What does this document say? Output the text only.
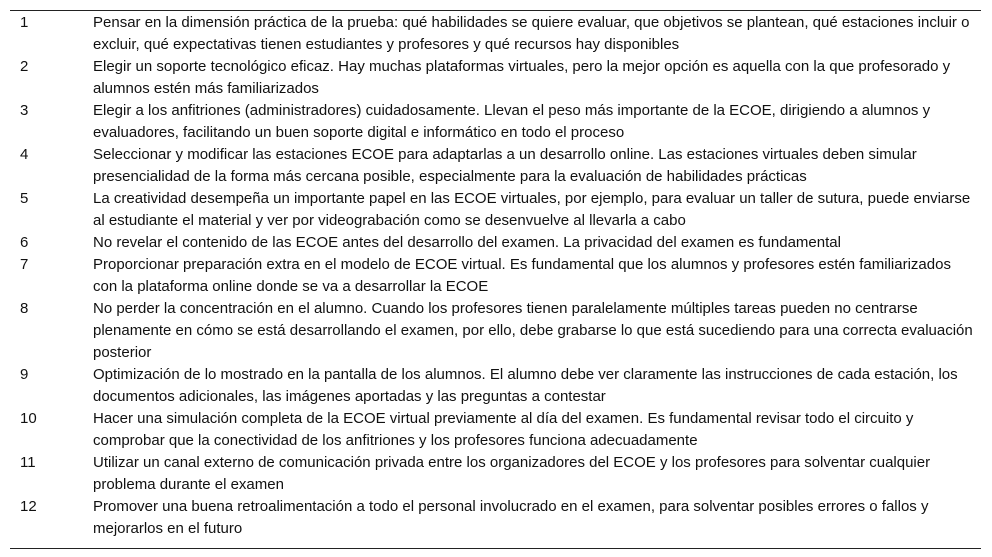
1	Pensar en la dimensión práctica de la prueba: qué habilidades se quiere evaluar, que objetivos se plantean, qué estaciones incluir o excluir, qué expectativas tienen estudiantes y profesores y qué recursos hay disponibles
2	Elegir un soporte tecnológico eficaz. Hay muchas plataformas virtuales, pero la mejor opción es aquella con la que profesorado y alumnos estén más familiarizados
3	Elegir a los anfitriones (administradores) cuidadosamente. Llevan el peso más importante de la ECOE, dirigiendo a alumnos y evaluadores, facilitando un buen soporte digital e informático en todo el proceso
4	Seleccionar y modificar las estaciones ECOE para adaptarlas a un desarrollo online. Las estaciones virtuales deben simular presencialidad de la forma más cercana posible, especialmente para la evaluación de habilidades prácticas
5	La creatividad desempeña un importante papel en las ECOE virtuales, por ejemplo, para evaluar un taller de sutura, puede enviarse al estudiante el material y ver por videograbación como se desenvuelve al llevarla a cabo
6	No revelar el contenido de las ECOE antes del desarrollo del examen. La privacidad del examen es fundamental
7	Proporcionar preparación extra en el modelo de ECOE virtual. Es fundamental que los alumnos y profesores estén familiarizados con la plataforma online donde se va a desarrollar la ECOE
8	No perder la concentración en el alumno. Cuando los profesores tienen paralelamente múltiples tareas pueden no centrarse plenamente en cómo se está desarrollando el examen, por ello, debe grabarse lo que está sucediendo para una correcta evaluación posterior
9	Optimización de lo mostrado en la pantalla de los alumnos. El alumno debe ver claramente las instrucciones de cada estación, los documentos adicionales, las imágenes aportadas y las preguntas a contestar
10	Hacer una simulación completa de la ECOE virtual previamente al día del examen. Es fundamental revisar todo el circuito y comprobar que la conectividad de los anfitriones y los profesores funciona adecuadamente
11	Utilizar un canal externo de comunicación privada entre los organizadores del ECOE y los profesores para solventar cualquier problema durante el examen
12	Promover una buena retroalimentación a todo el personal involucrado en el examen, para solventar posibles errores o fallos y mejorarlos en el futuro
